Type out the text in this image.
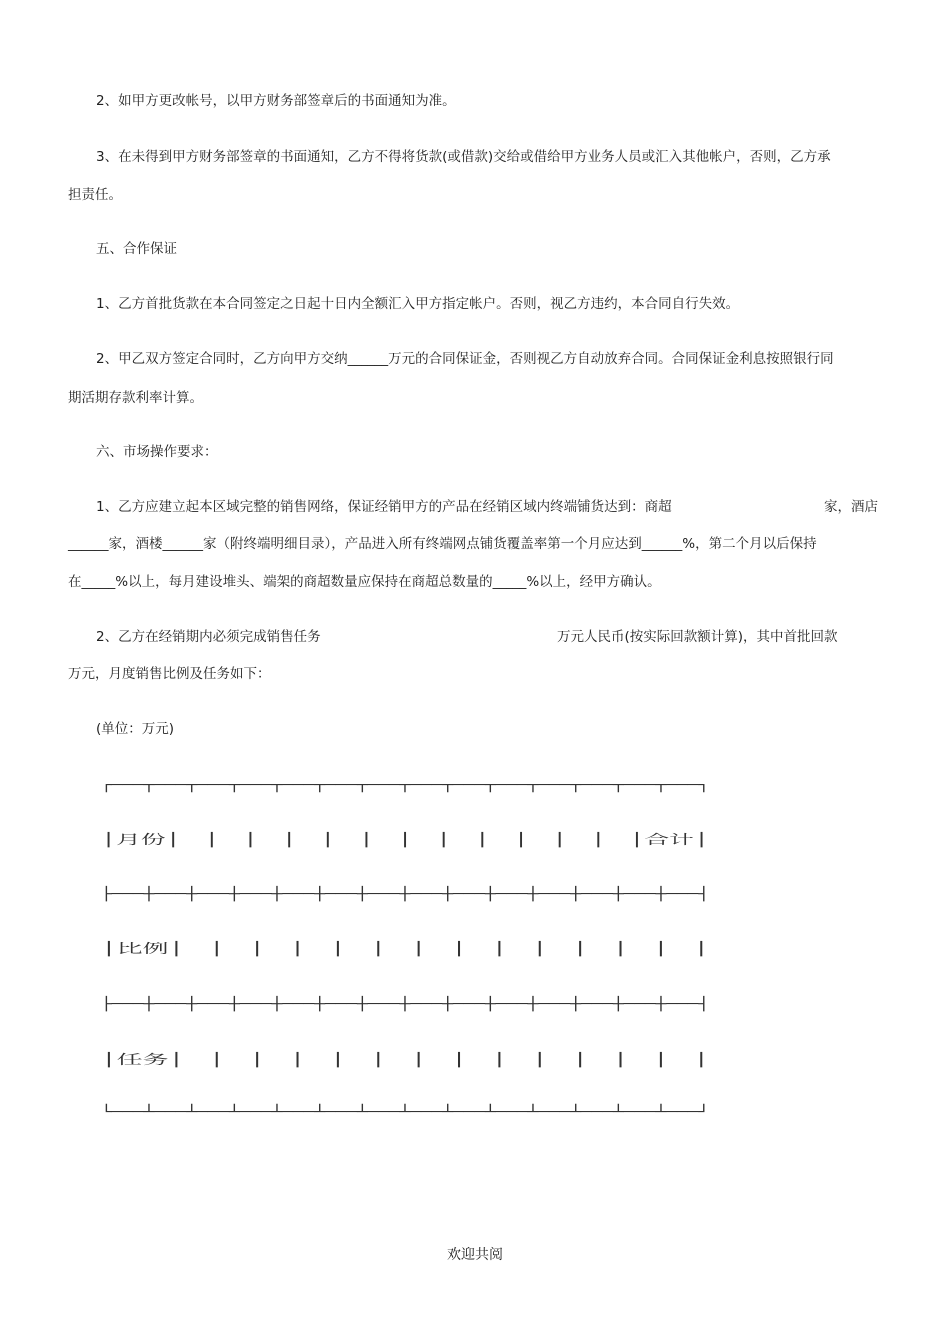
2、如甲方更改帐号，以甲方财务部签章后的书面通知为准。
3、在未得到甲方财务部签章的书面通知，乙方不得将货款(或借款)交给或借给甲方业务人员或汇入其他帐户，否则，乙方承
担责任。
五、合作保证
1、乙方首批货款在本合同签定之日起十日内全额汇入甲方指定帐户。否则，视乙方违约，本合同自行失效。
2、甲乙双方签定合同时，乙方向甲方交纳______万元的合同保证金，否则视乙方自动放弃合同。合同保证金利息按照银行同
期活期存款利率计算。
六、市场操作要求：
1、乙方应建立起本区域完整的销售网络，保证经销甲方的产品在经销区域内终端铺货达到：商超	家，酒店
______家，酒楼______家（附终端明细目录），产品进入所有终端网点铺货覆盖率第一个月应达到______%，第二个月以后保持
在_____%以上，每月建设堆头、端架的商超数量应保持在商超总数量的_____%以上，经甲方确认。
2、乙方在经销期内必须完成销售任务	万元人民币(按实际回款额计算)，其中首批回款
万元，月度销售比例及任务如下：
(单位：万元)
┌───┬───┬───┬───┬───┬───┬───┬───┬───┬───┬───┬───┬───┬───┐
│月份│   │   │   │   │   │   │   │   │   │   │   │   │合计│
├───┼───┼───┼───┼───┼───┼───┼───┼───┼───┼───┼───┼───┼───┤
│比例│   │   │   │   │   │   │   │   │   │   │   │   │   │
├───┼───┼───┼───┼───┼───┼───┼───┼───┼───┼───┼───┼───┼───┤
│任务│   │   │   │   │   │   │   │   │   │   │   │   │   │
└───┴───┴───┴───┴───┴───┴───┴───┴───┴───┴───┴───┴───┴───┘
欢迎共阅
